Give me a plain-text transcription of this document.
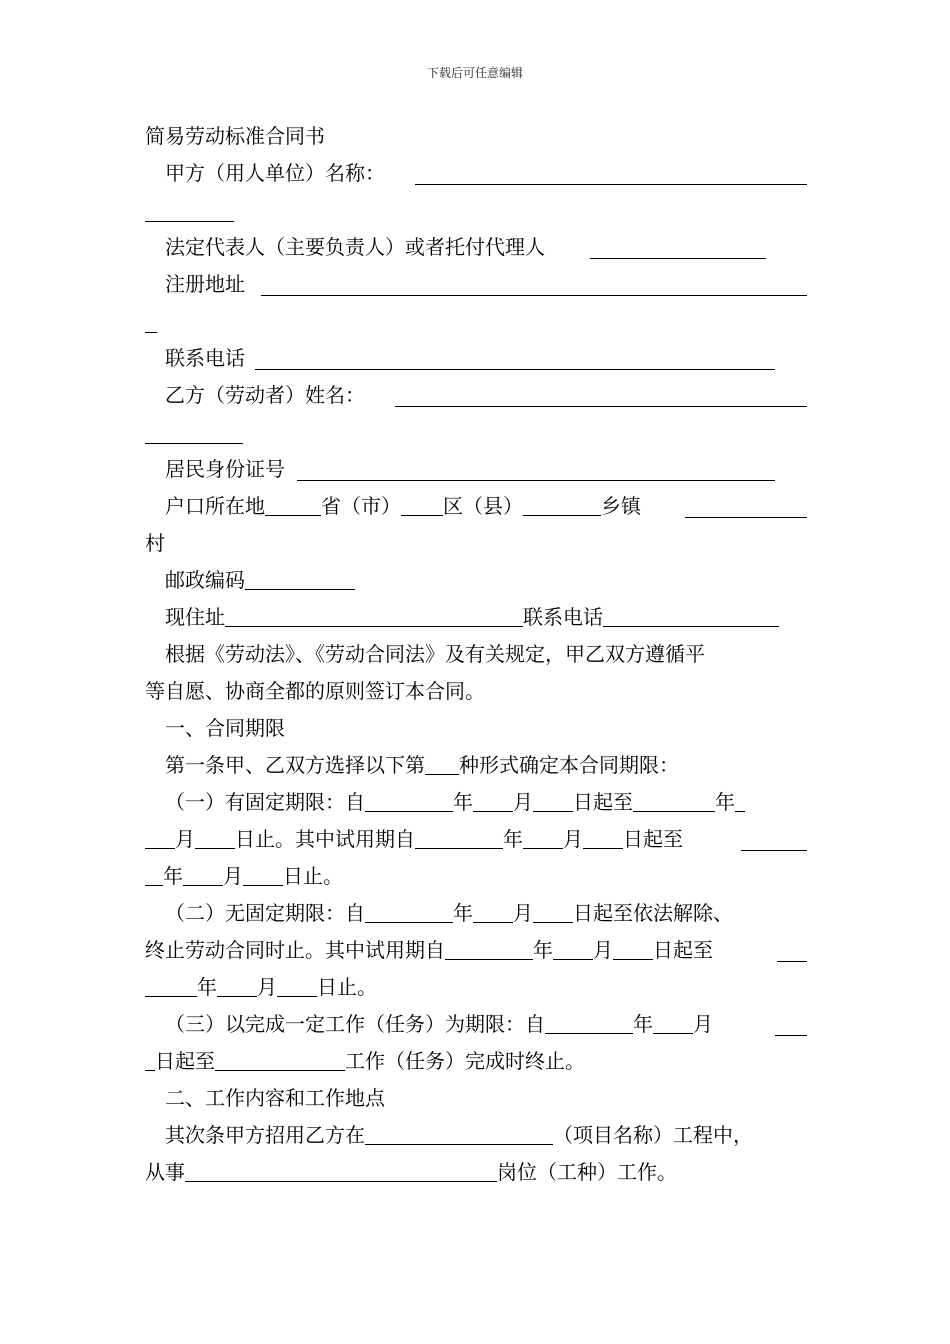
下载后可任意编辑
简易劳动标准合同书
甲方（用人单位）名称：
法定代表人（主要负责人）或者托付代理人
注册地址
联系电话
乙方（劳动者）姓名：
居民身份证号
户口所在地	省（市） 区（县）	乡镇
村
邮政编码
现住址	联系电话
根据《劳动法》、《劳动合同法》及有关规定，甲乙双方遵循平
等自愿、协商全都的原则签订本合同。
一、合同期限
第一条甲、乙双方选择以下第 种形式确定本合同期限：
（一）有固定期限：自	年 月 日起至	年
月 日止。其中试用期自	年 月 日起至
年 月 日止。
（二）无固定期限：自	年 月 日起至依法解除、
终止劳动合同时止。其中试用期自	年 月 日起至
年 月 日止。
（三）以完成一定工作（任务）为期限：自	年 月
日起至	工作（任务）完成时终止。
二、工作内容和工作地点
其次条甲方招用乙方在	（项目名称）工程中，
从事	岗位（工种）工作。
